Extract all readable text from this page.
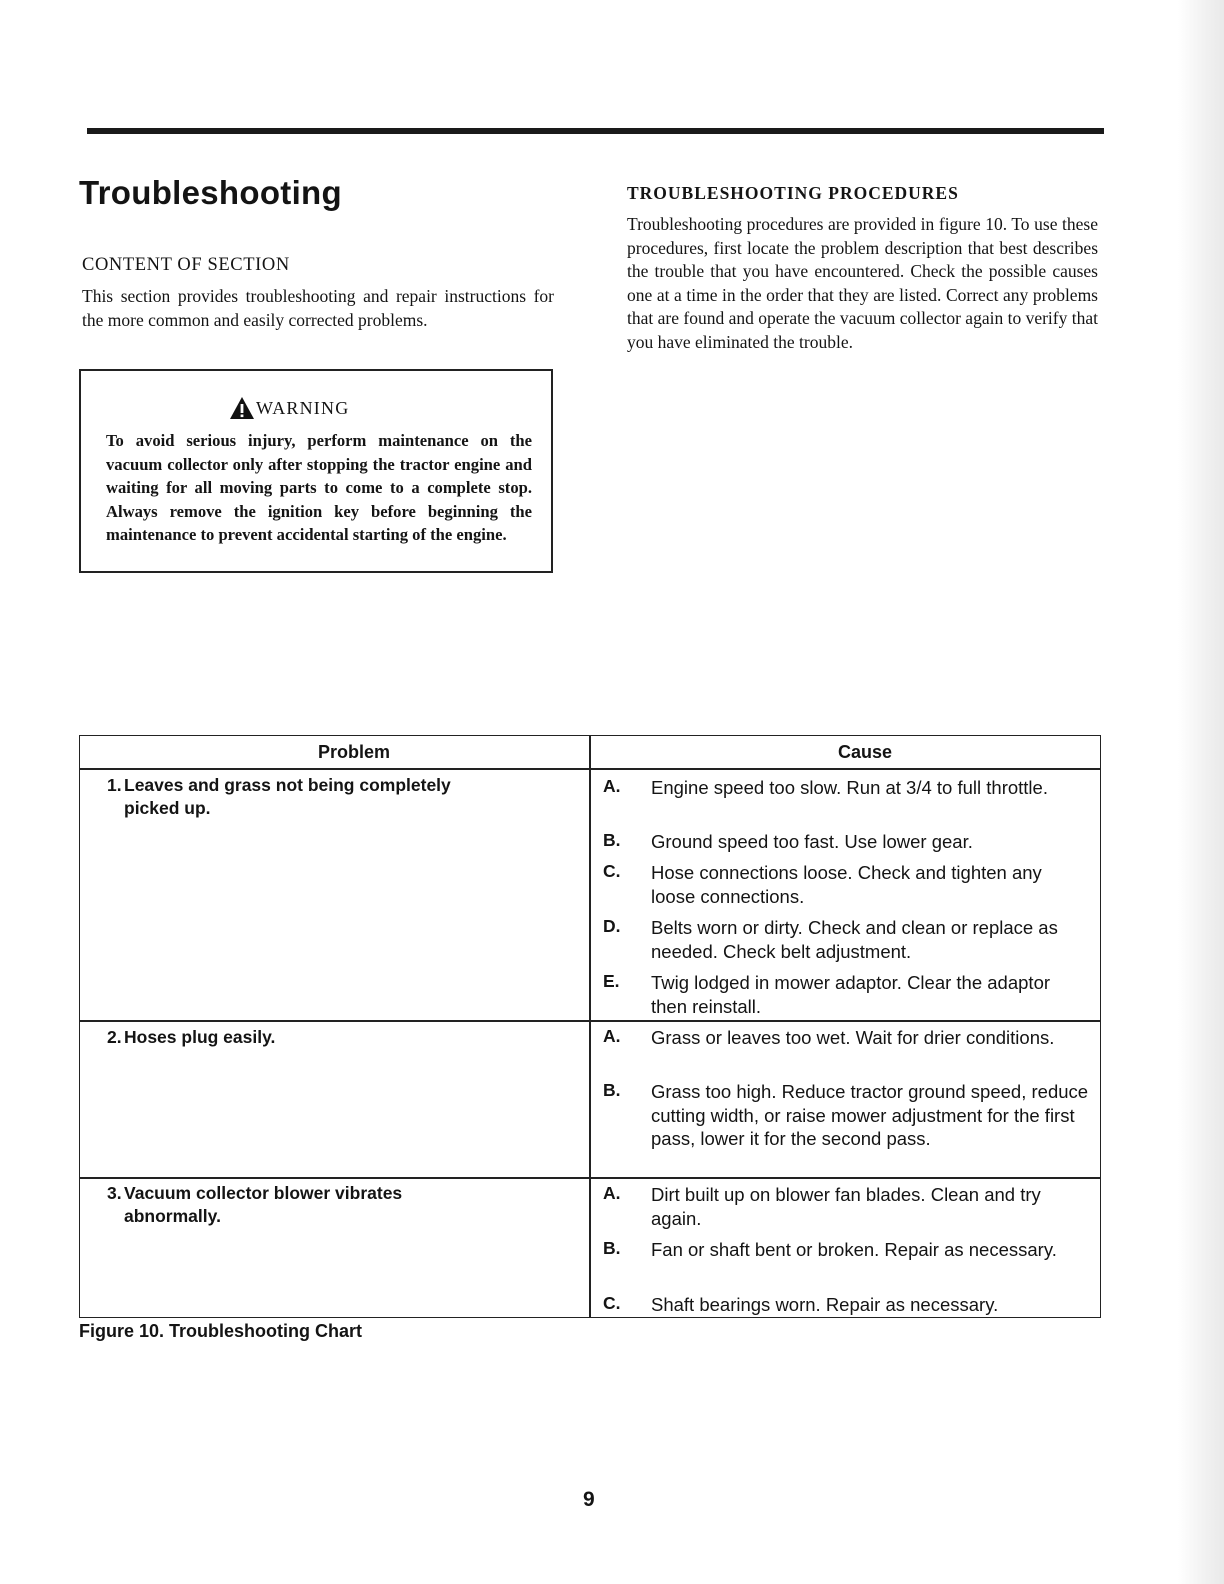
Troubleshooting
CONTENT OF SECTION

This section provides troubleshooting and repair instructions for the more common and easily corrected problems.

WARNING

To avoid serious injury, perform maintenance on the vacuum collector only after stopping the tractor engine and waiting for all moving parts to come to a complete stop. Always remove the ignition key before beginning the maintenance to prevent accidental starting of the engine.

TROUBLESHOOTING PROCEDURES

Troubleshooting procedures are provided in figure 10. To use these procedures, first locate the problem description that best describes the trouble that you have encountered. Check the possible causes one at a time in the order that they are listed. Correct any problems that are found and operate the vacuum collector again to verify that you have eliminated the trouble.

Problem	Cause
1. Leaves and grass not being completely
picked up.
A. Engine speed too slow. Run at 3/4 to full throttle.

B. Ground speed too fast. Use lower gear.

C. Hose connections loose. Check and tighten any loose connections.

D. Belts worn or dirty. Check and clean or replace as needed. Check belt adjustment.

E. Twig lodged in mower adaptor. Clear the adaptor then reinstall.

2. Hoses plug easily.	A. Grass or leaves too wet. Wait for drier conditions.

B. Grass too high. Reduce tractor ground speed, reduce cutting width, or raise mower adjustment for the first pass, lower it for the second pass.

3. Vacuum collector blower vibrates
abnormally.
A. Dirt built up on blower fan blades. Clean and try again.

B. Fan or shaft bent or broken. Repair as necessary.

C. Shaft bearings worn. Repair as necessary.

Figure 10. Troubleshooting Chart

9
